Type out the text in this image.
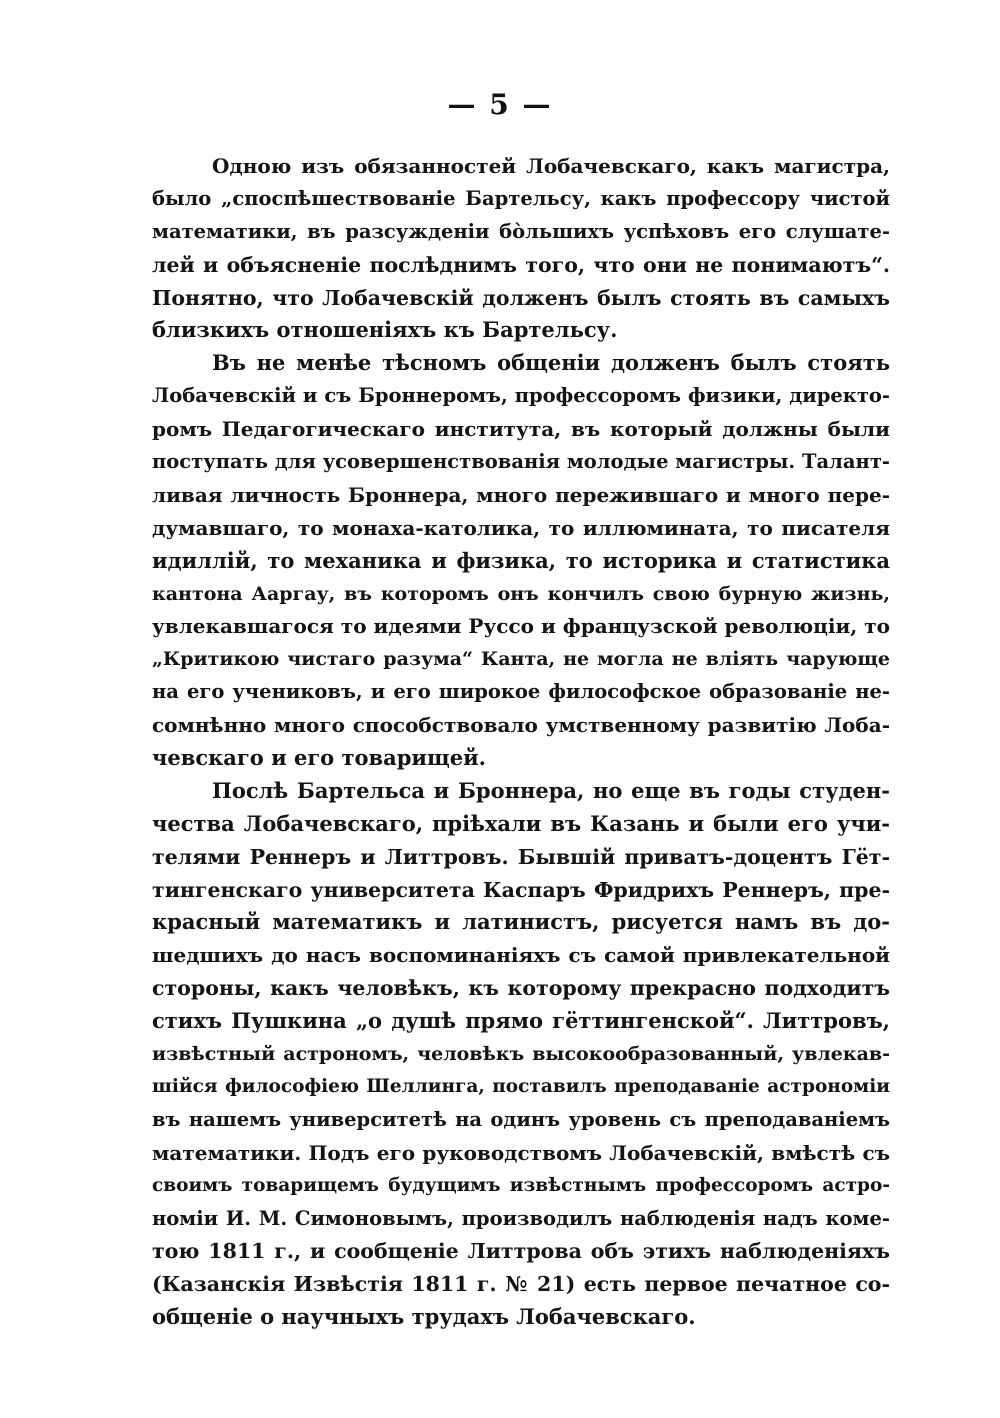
— 5 —
Одною изъ обязанностей Лобачевскаго, какъ магистра,
было „споспѣшествованіе Бартельсу, какъ профессору чистой
математики, въ разсужденіи бо̀льшихъ успѣховъ его слушате-
лей и объясненіе послѣднимъ того, что они не понимаютъ“.
Понятно, что Лобачевскій долженъ былъ стоять въ самыхъ
близкихъ отношеніяхъ къ Бартельсу.
Въ не менѣе тѣсномъ общеніи долженъ былъ стоять
Лобачевскій и съ Броннеромъ, профессоромъ физики, директо-
ромъ Педагогическаго института, въ который должны были
поступать для усовершенствованія молодые магистры. Талант-
ливая личность Броннера, много пережившаго и много пере-
думавшаго, то монаха-католика, то иллюмината, то писателя
идиллій, то механика и физика, то историка и статистика
кантона Ааргау, въ которомъ онъ кончилъ свою бурную жизнь,
увлекавшагося то идеями Руссо и французской революціи, то
„Критикою чистаго разума“ Канта, не могла не вліять чарующе
на его учениковъ, и его широкое философское образованіе не-
сомнѣнно много способствовало умственному развитію Лоба-
чевскаго и его товарищей.
Послѣ Бартельса и Броннера, но еще въ годы студен-
чества Лобачевскаго, пріѣхали въ Казань и были его учи-
телями Реннеръ и Литтровъ. Бывшій приватъ-доцентъ Гёт-
тингенскаго университета Каспаръ Фридрихъ Реннеръ, пре-
красный математикъ и латинистъ, рисуется намъ въ до-
шедшихъ до насъ воспоминаніяхъ съ самой привлекательной
стороны, какъ человѣкъ, къ которому прекрасно подходитъ
стихъ Пушкина „о душѣ прямо гёттингенской“. Литтровъ,
извѣстный астрономъ, человѣкъ высокообразованный, увлекав-
шійся философіею Шеллинга, поставилъ преподаваніе астрономіи
въ нашемъ университетѣ на одинъ уровень съ преподаваніемъ
математики. Подъ его руководствомъ Лобачевскій, вмѣстѣ съ
своимъ товарищемъ будущимъ извѣстнымъ профессоромъ астро-
номіи И. М. Симоновымъ, производилъ наблюденія надъ коме-
тою 1811 г., и сообщеніе Литтрова объ этихъ наблюденіяхъ
(Казанскія Извѣстія 1811 г. № 21) есть первое печатное со-
общеніе о научныхъ трудахъ Лобачевскаго.
